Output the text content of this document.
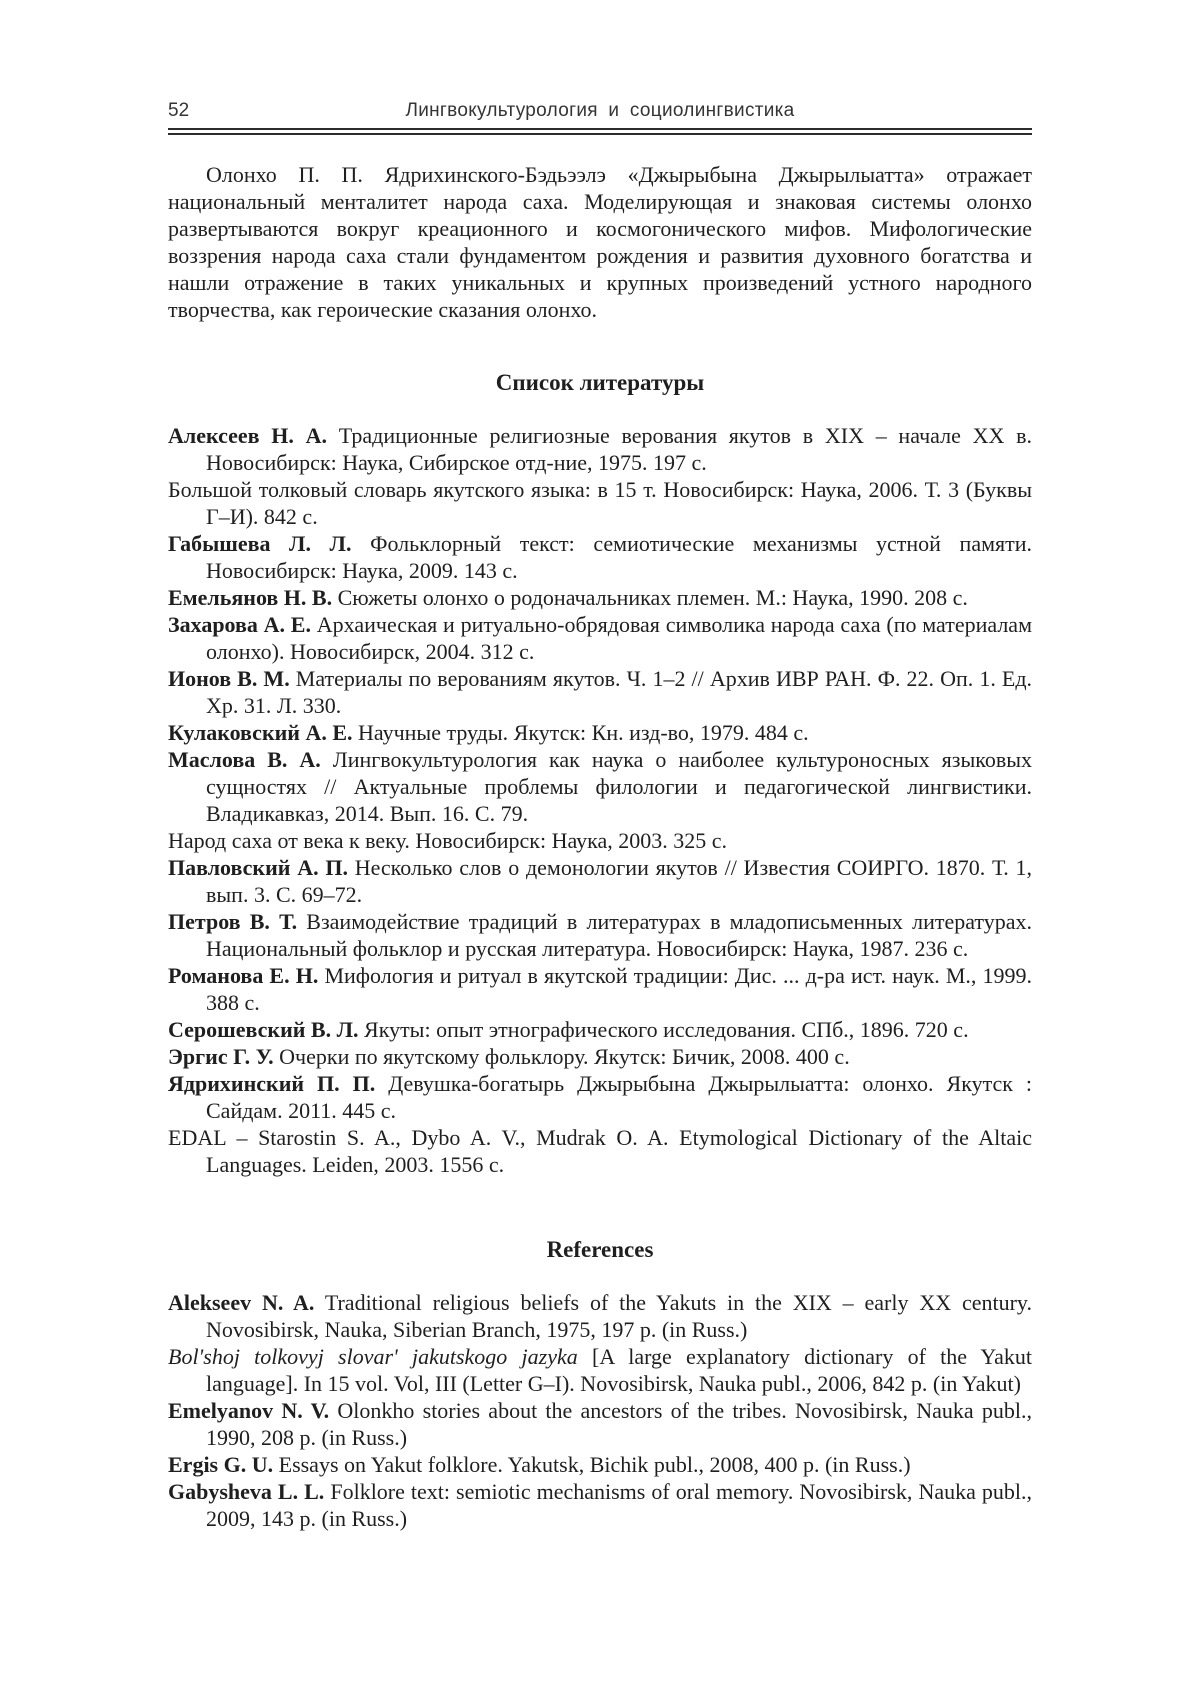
52	Лингвокультурология и социолингвистика

Олонхо П. П. Ядрихинского-Бэдьээлэ «Джырыбына Джырылыатта» отражает национальный менталитет народа саха. Моделирующая и знаковая системы олонхо развертываются вокруг креационного и космогонического мифов. Мифологические воззрения народа саха стали фундаментом рождения и развития духовного богатства и нашли отражение в таких уникальных и крупных произведений устного народного творчества, как героические сказания олонхо.

Список литературы

Алексеев Н. А. Традиционные религиозные верования якутов в XIX – начале XX в. Новосибирск: Наука, Сибирское отд-ние, 1975. 197 с.

Большой толковый словарь якутского языка: в 15 т. Новосибирск: Наука, 2006. Т. 3 (Буквы Г–И). 842 с.

Габышева Л. Л. Фольклорный текст: семиотические механизмы устной памяти. Новосибирск: Наука, 2009. 143 с.

Емельянов Н. В. Сюжеты олонхо о родоначальниках племен. М.: Наука, 1990. 208 с.

Захарова А. Е. Архаическая и ритуально-обрядовая символика народа саха (по материалам олонхо). Новосибирск, 2004. 312 с.

Ионов В. М. Материалы по верованиям якутов. Ч. 1–2 // Архив ИВР РАН. Ф. 22. Оп. 1. Ед. Хр. 31. Л. 330.

Кулаковский А. Е. Научные труды. Якутск: Кн. изд-во, 1979. 484 с.

Маслова В. А. Лингвокультурология как наука о наиболее культуроносных языковых сущностях // Актуальные проблемы филологии и педагогической лингвистики. Владикавказ, 2014. Вып. 16. С. 79.

Народ саха от века к веку. Новосибирск: Наука, 2003. 325 с.

Павловский А. П. Несколько слов о демонологии якутов // Известия СОИРГО. 1870. Т. 1, вып. 3. С. 69–72.

Петров В. Т. Взаимодействие традиций в литературах в младописьменных литературах. Национальный фольклор и русская литература. Новосибирск: Наука, 1987. 236 с.

Романова Е. Н. Мифология и ритуал в якутской традиции: Дис. ... д-ра ист. наук. М., 1999. 388 с.

Серошевский В. Л. Якуты: опыт этнографического исследования. СПб., 1896. 720 с.

Эргис Г. У. Очерки по якутскому фольклору. Якутск: Бичик, 2008. 400 с.

Ядрихинский П. П. Девушка-богатырь Джырыбына Джырылыатта: олонхо. Якутск : Сайдам. 2011. 445 с.

EDAL – Starostin S. A., Dybo A. V., Mudrak O. A. Etymological Dictionary of the Altaic Languages. Leiden, 2003. 1556 с.

References

Alekseev N. A. Traditional religious beliefs of the Yakuts in the XIX – early XX century. Novosibirsk, Nauka, Siberian Branch, 1975, 197 p. (in Russ.)

Bol'shoj tolkovyj slovar' jakutskogo jazyka [A large explanatory dictionary of the Yakut language]. In 15 vol. Vol, III (Letter G–I). Novosibirsk, Nauka publ., 2006, 842 p. (in Yakut)

Emelyanov N. V. Olonkho stories about the ancestors of the tribes. Novosibirsk, Nauka publ., 1990, 208 p. (in Russ.)

Ergis G. U. Essays on Yakut folklore. Yakutsk, Bichik publ., 2008, 400 p. (in Russ.)

Gabysheva L. L. Folklore text: semiotic mechanisms of oral memory. Novosibirsk, Nauka publ., 2009, 143 p. (in Russ.)
